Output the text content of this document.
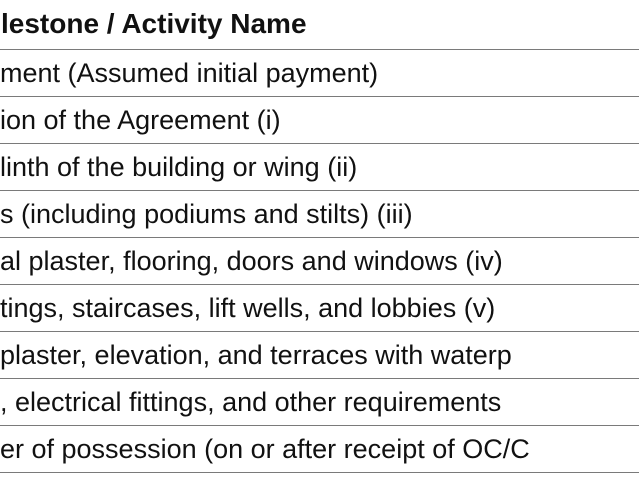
lestone / Activity Name
ment (Assumed initial payment)
ion of the Agreement (i)
linth of the building or wing (ii)
s (including podiums and stilts) (iii)
al plaster, flooring, doors and windows (iv)
tings, staircases, lift wells, and lobbies (v)
plaster, elevation, and terraces with waterp
, electrical fittings, and other requirements
er of possession (on or after receipt of OC/C
